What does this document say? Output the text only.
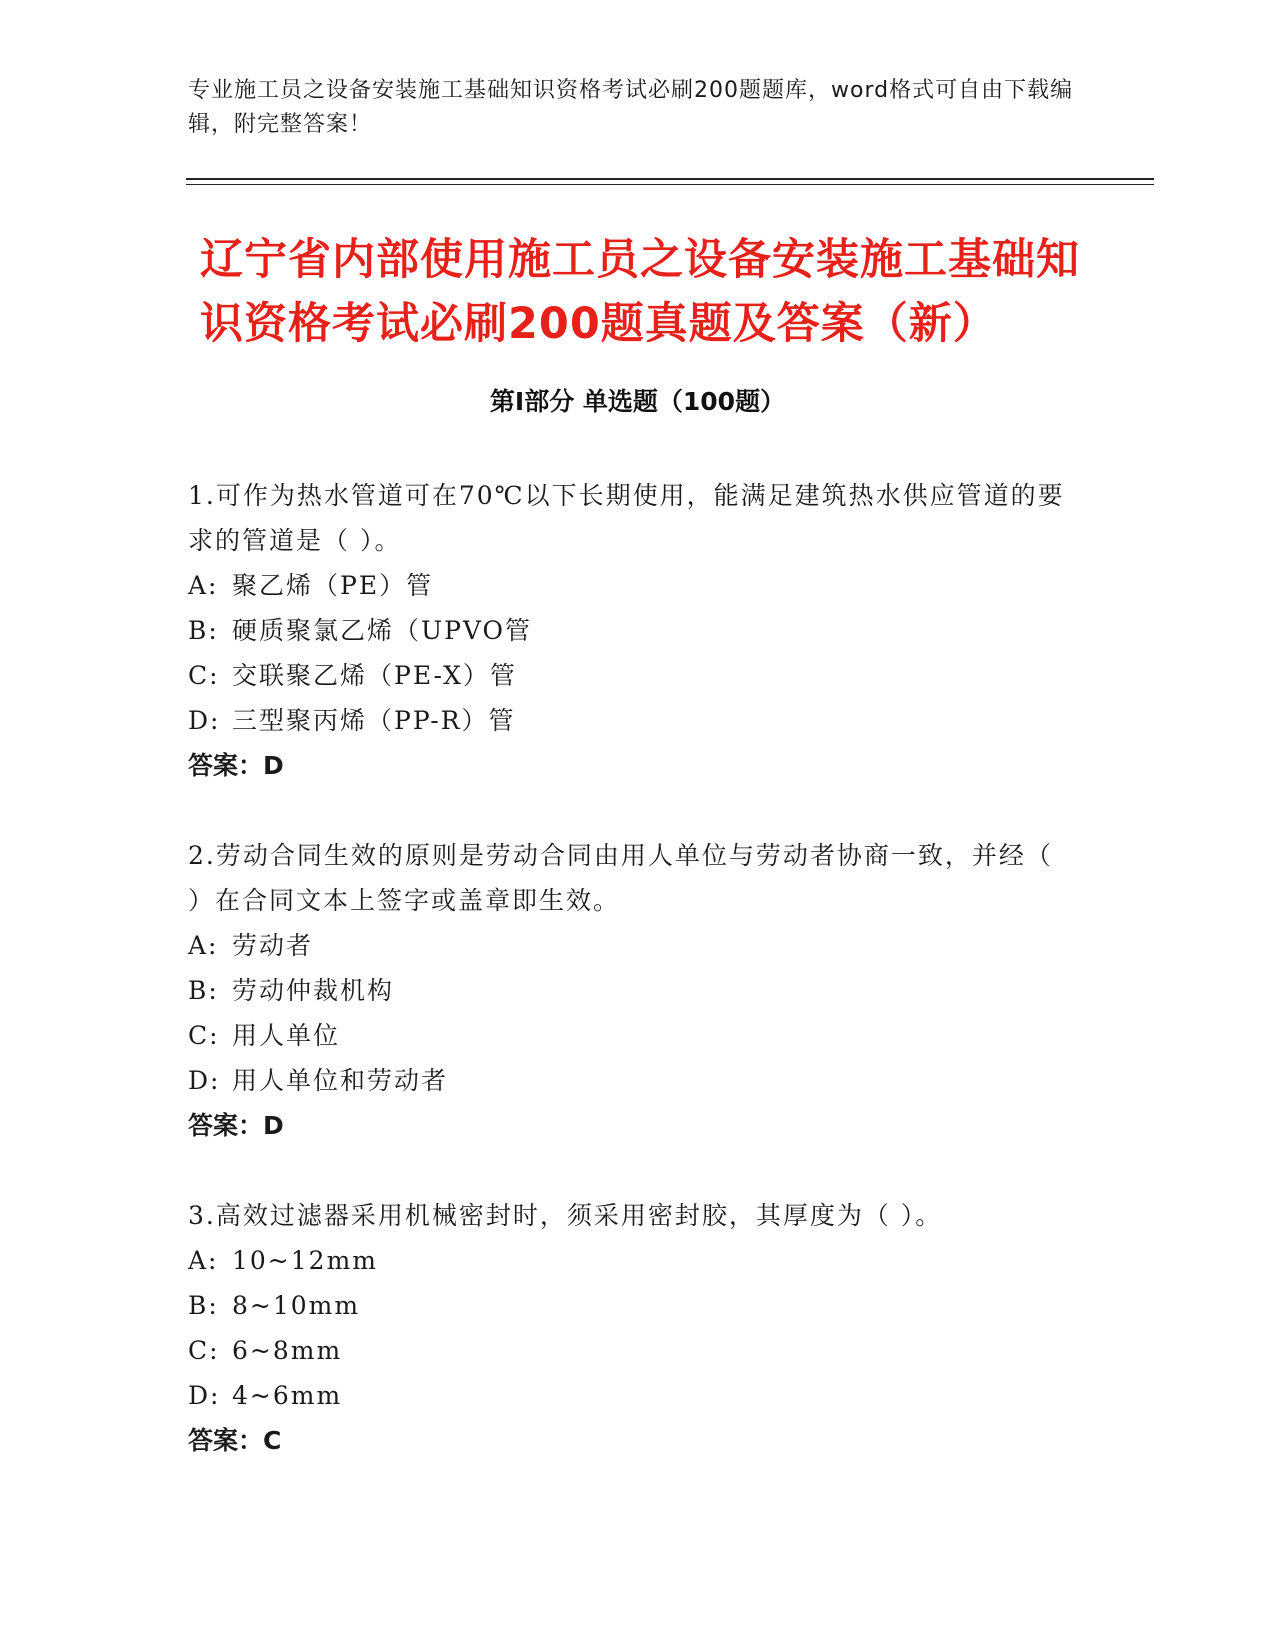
专业施工员之设备安装施工基础知识资格考试必刷200题题库，word格式可自由下载编辑，附完整答案！
辽宁省内部使用施工员之设备安装施工基础知识资格考试必刷200题真题及答案（新）
第Ⅰ部分 单选题（100题）
1.可作为热水管道可在70℃以下长期使用，能满足建筑热水供应管道的要求的管道是（ ）。
A: 聚乙烯（PE）管
B: 硬质聚氯乙烯（UPVO管
C: 交联聚乙烯（PE-X）管
D: 三型聚丙烯（PP-R）管
答案：D
2.劳动合同生效的原则是劳动合同由用人单位与劳动者协商一致，并经（ ）在合同文本上签字或盖章即生效。
A: 劳动者
B: 劳动仲裁机构
C: 用人单位
D: 用人单位和劳动者
答案：D
3.高效过滤器采用机械密封时，须采用密封胶，其厚度为（ ）。
A: 10~12mm
B: 8~10mm
C: 6~8mm
D: 4~6mm
答案：C
